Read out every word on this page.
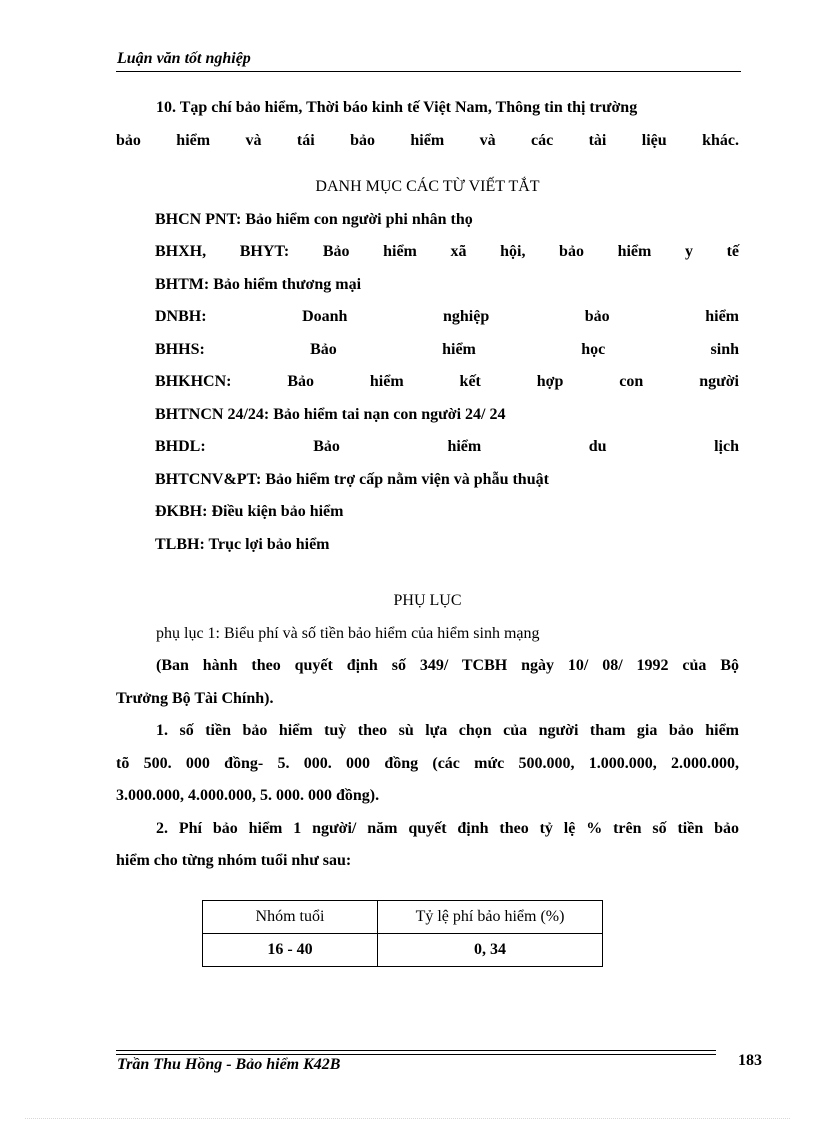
Luận văn tốt nghiệp
10. Tạp chí bảo hiểm, Thời báo kinh tế Việt Nam, Thông tin thị trường
bảo hiểm và tái bảo hiểm và các tài liệu khác.
DANH MỤC CÁC TỪ VIẾT TẮT
BHCN PNT: Bảo hiểm con người phi nhân thọ
BHXH, BHYT: Bảo hiểm xã hội, bảo hiểm y tế
BHTM: Bảo hiểm thương mại
DNBH: Doanh nghiệp bảo hiểm
BHHS: Bảo hiểm học sinh
BHKHCN: Bảo hiểm kết hợp con người
BHTNCN 24/24: Bảo hiểm tai nạn con người 24/ 24
BHDL: Bảo hiểm du lịch
BHTCNV&PT: Bảo hiểm trợ cấp nằm viện và phẫu thuật
ĐKBH: Điều kiện bảo hiểm
TLBH: Trục lợi bảo hiểm
PHỤ LỤC
phụ lục 1: Biểu phí và số tiền bảo hiểm của hiểm sinh mạng
(Ban hành theo quyết định số 349/ TCBH ngày 10/ 08/ 1992 của Bộ
Trưởng Bộ Tài Chính).
1. số tiền bảo hiểm tuỳ theo sù lựa chọn của người tham gia bảo hiểm
tõ 500. 000 đồng- 5. 000. 000 đồng (các mức 500.000, 1.000.000, 2.000.000,
3.000.000, 4.000.000, 5. 000. 000 đồng).
2. Phí bảo hiểm 1 người/ năm quyết định theo tỷ lệ % trên số tiền bảo
hiểm cho từng nhóm tuổi như sau:
Nhóm tuổi	Tỷ lệ phí bảo hiểm (%)
16 - 40	0, 34
Trần Thu Hồng - Bảo hiểm K42B	183
